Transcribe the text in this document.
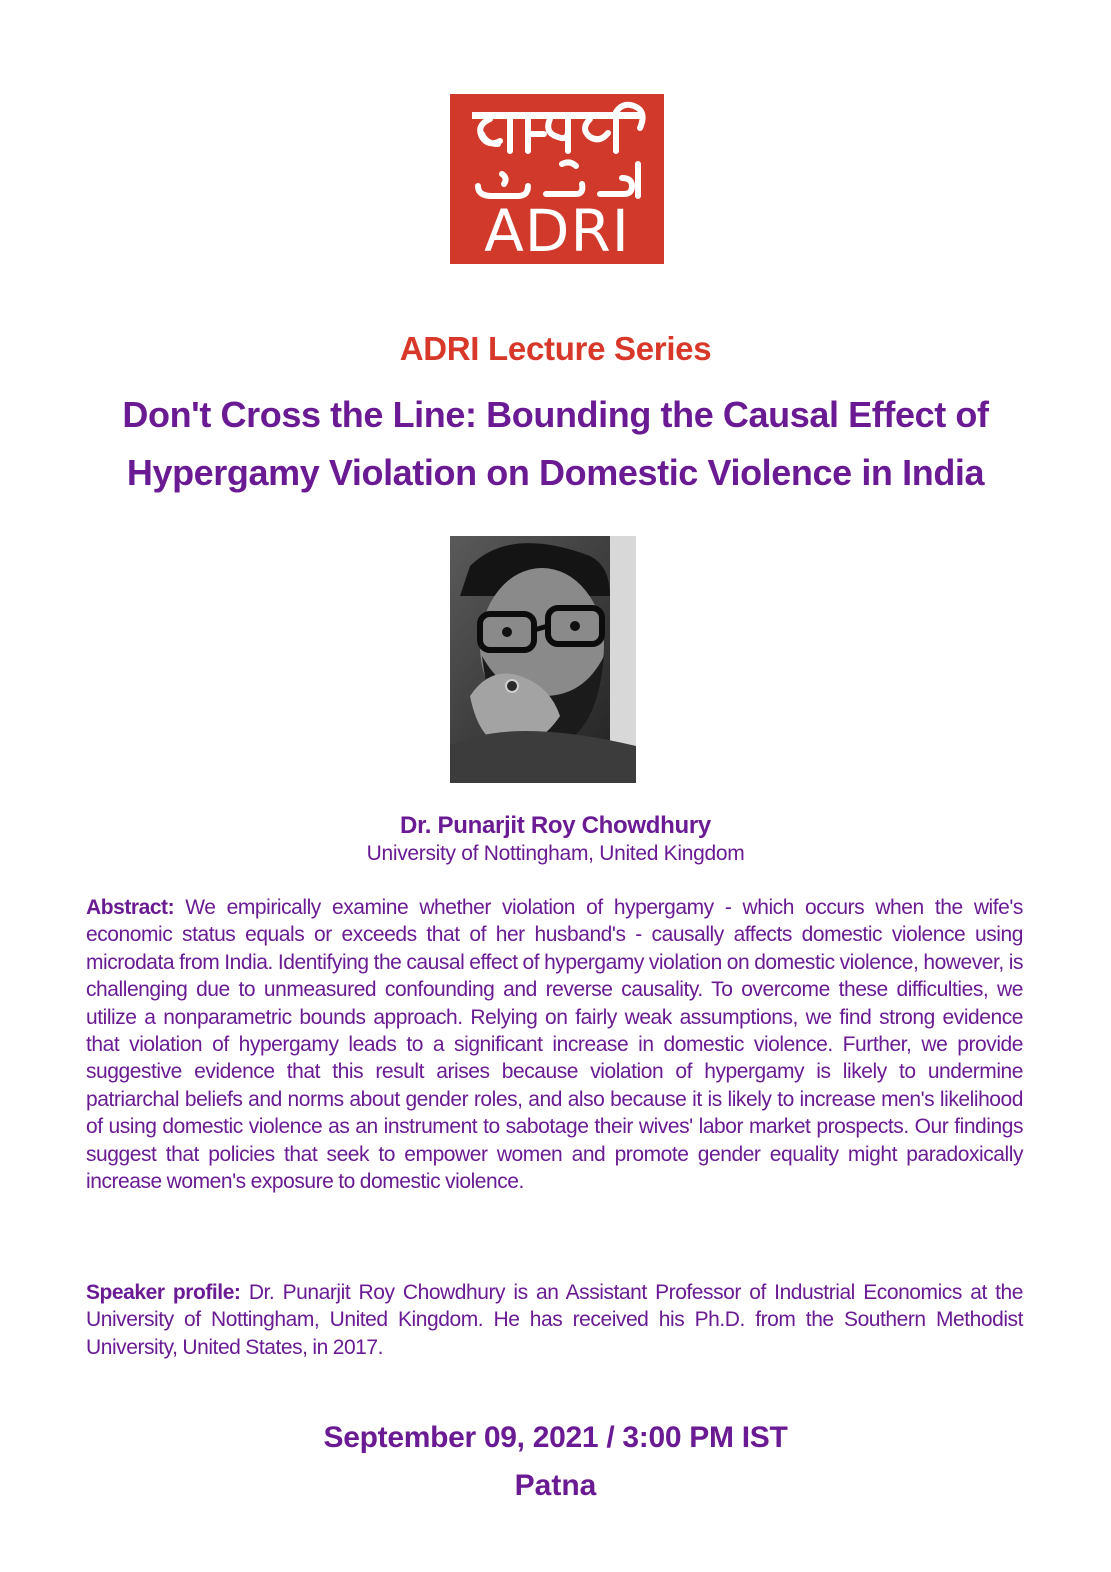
ADRI
ADRI Lecture Series
Don't Cross the Line: Bounding the Causal Effect of
Hypergamy Violation on Domestic Violence in India
Dr. Punarjit Roy Chowdhury
University of Nottingham, United Kingdom
Abstract: We empirically examine whether violation of hypergamy - which occurs when the wife's economic status equals or exceeds that of her husband's - causally affects domestic violence using microdata from India. Identifying the causal effect of hypergamy violation on domestic violence, however, is challenging due to unmeasured confounding and reverse causality. To overcome these difficulties, we utilize a nonparametric bounds approach. Relying on fairly weak assumptions, we find strong evidence that violation of hypergamy leads to a significant increase in domestic violence. Further, we provide suggestive evidence that this result arises because violation of hypergamy is likely to undermine patriarchal beliefs and norms about gender roles, and also because it is likely to increase men's likelihood of using domestic violence as an instrument to sabotage their wives' labor market prospects. Our findings suggest that policies that seek to empower women and promote gender equality might paradoxically increase women's exposure to domestic violence.
Speaker profile: Dr. Punarjit Roy Chowdhury is an Assistant Professor of Industrial Economics at the University of Nottingham, United Kingdom. He has received his Ph.D. from the Southern Methodist University, United States, in 2017.
September 09, 2021 / 3:00 PM IST
Patna
